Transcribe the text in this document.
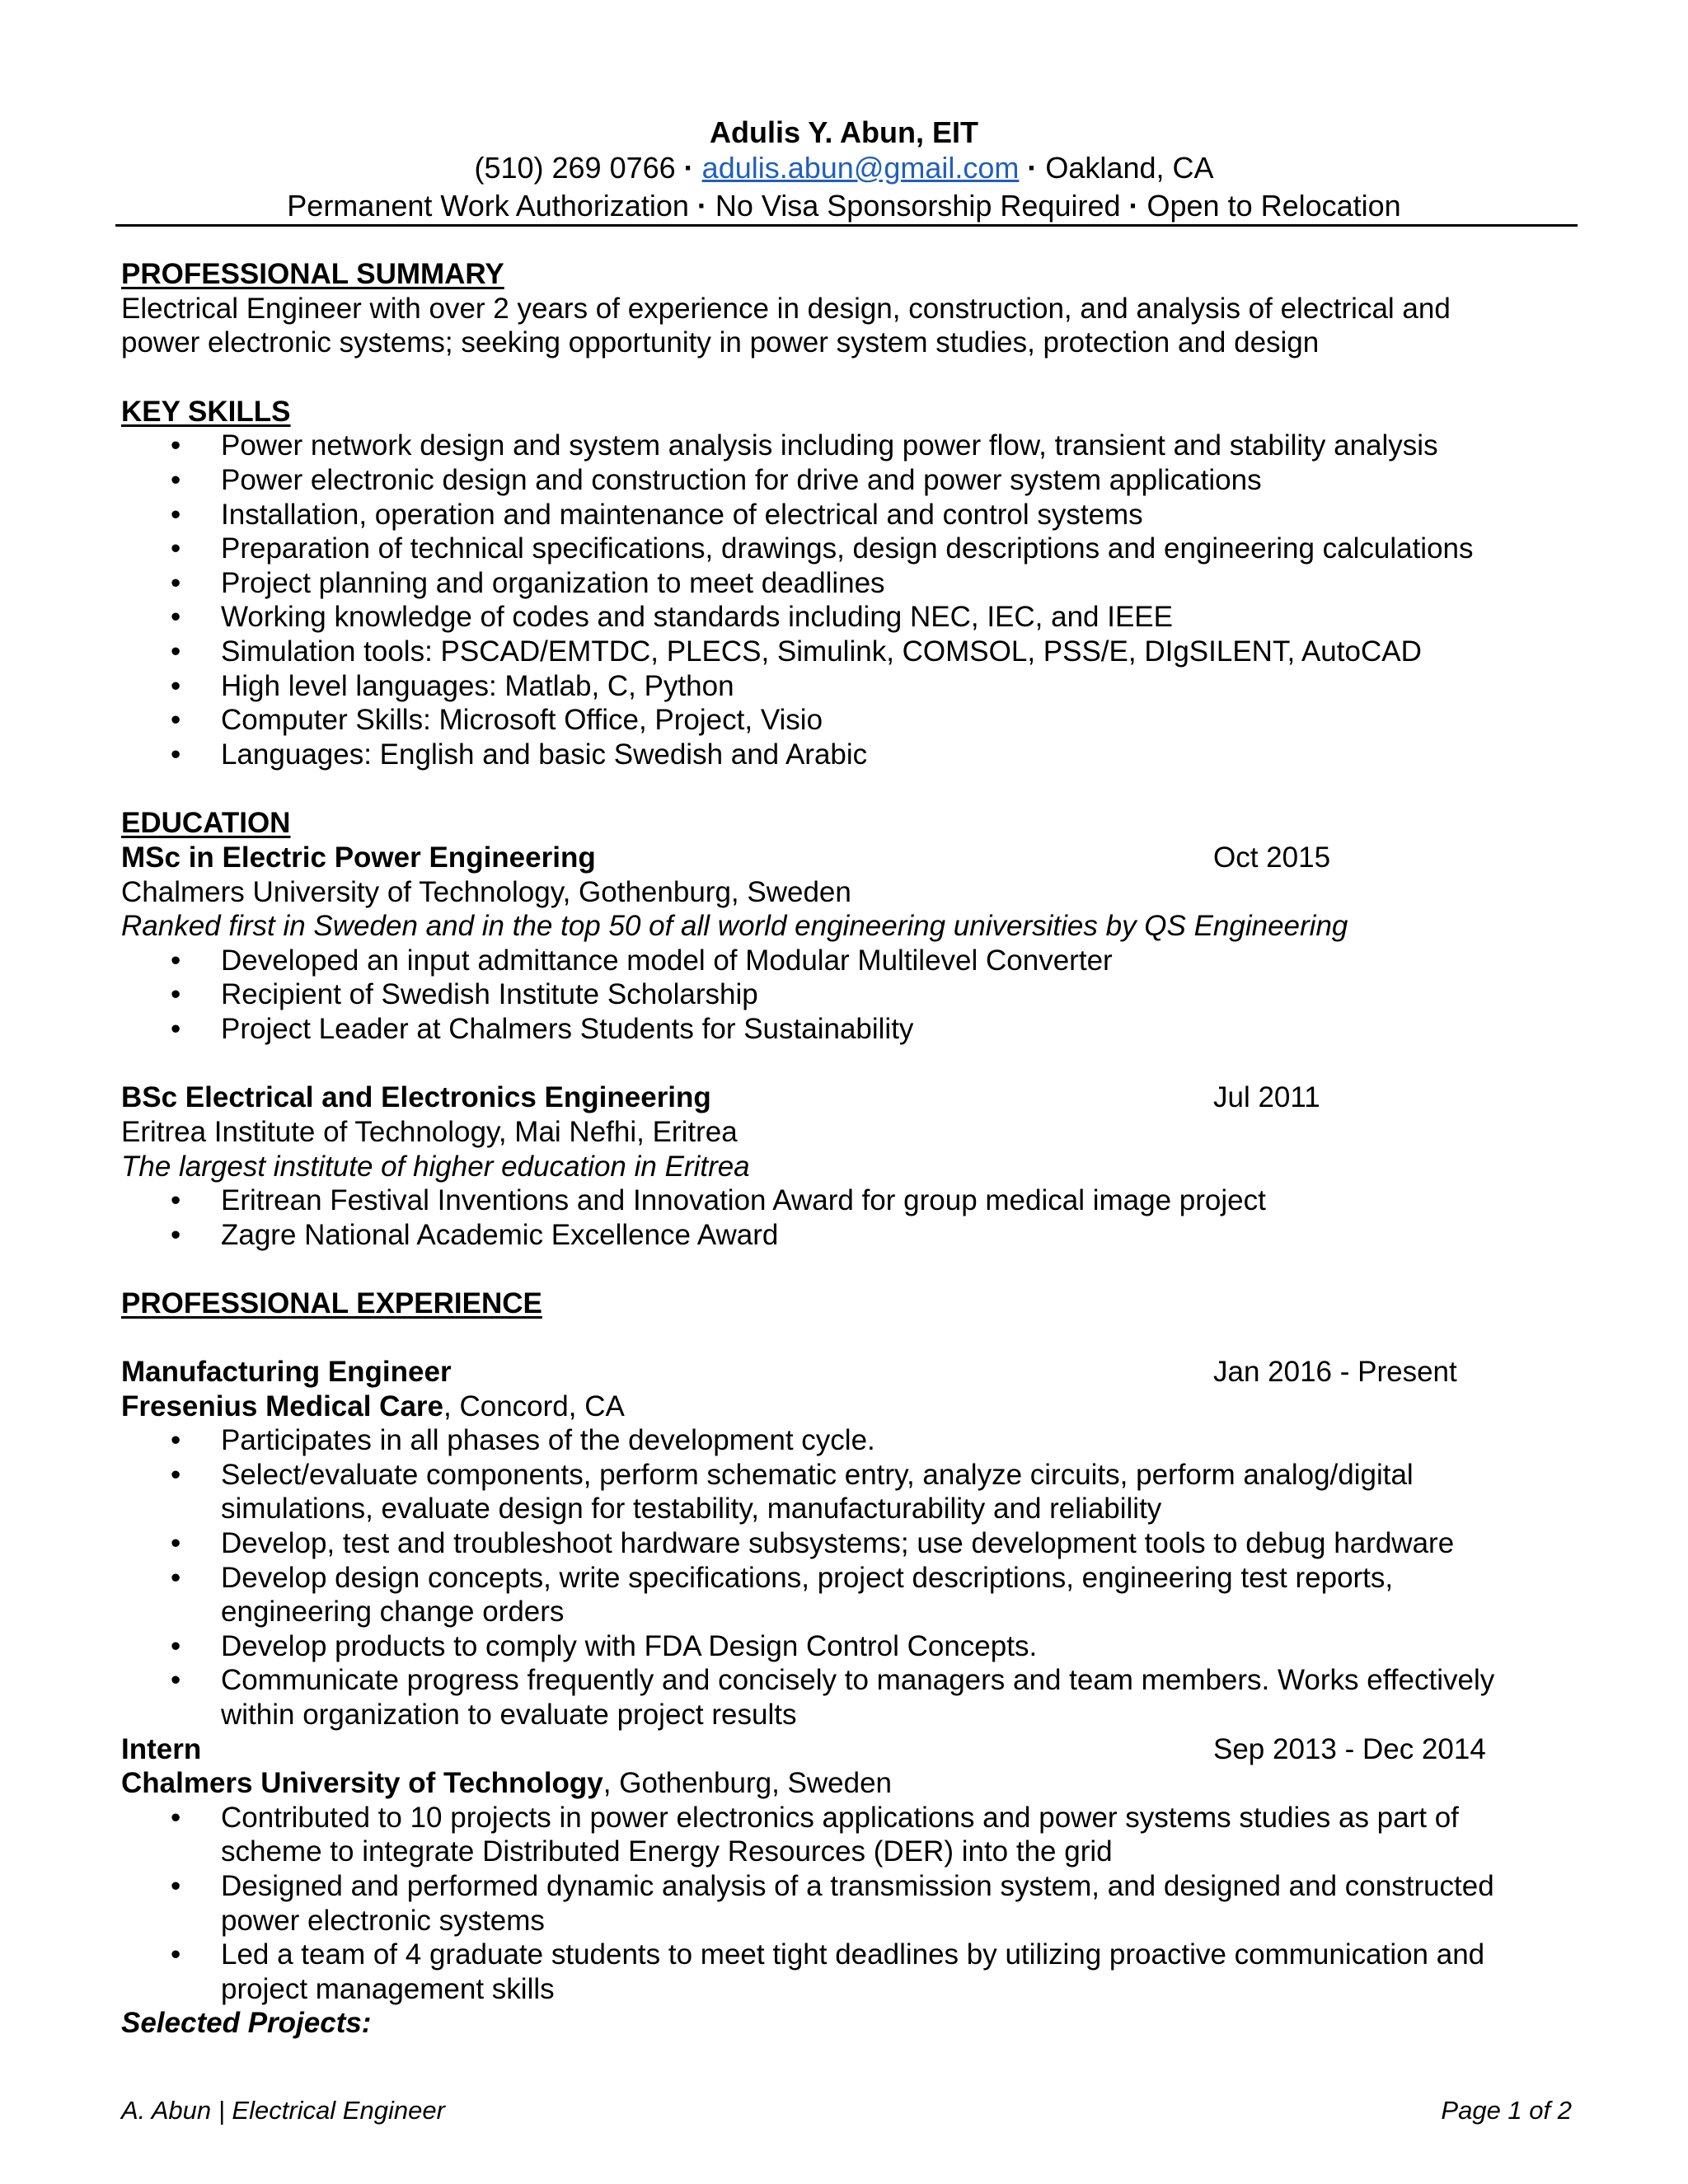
Adulis Y. Abun, EIT
(510) 269 0766 · adulis.abun@gmail.com · Oakland, CA
Permanent Work Authorization · No Visa Sponsorship Required · Open to Relocation
PROFESSIONAL SUMMARY
Electrical Engineer with over 2 years of experience in design, construction, and analysis of electrical and
power electronic systems; seeking opportunity in power system studies, protection and design
KEY SKILLS
• Power network design and system analysis including power flow, transient and stability analysis
• Power electronic design and construction for drive and power system applications
• Installation, operation and maintenance of electrical and control systems
• Preparation of technical specifications, drawings, design descriptions and engineering calculations
• Project planning and organization to meet deadlines
• Working knowledge of codes and standards including NEC, IEC, and IEEE
• Simulation tools: PSCAD/EMTDC, PLECS, Simulink, COMSOL, PSS/E, DIgSILENT, AutoCAD
• High level languages: Matlab, C, Python
• Computer Skills: Microsoft Office, Project, Visio
• Languages: English and basic Swedish and Arabic
EDUCATION
MSc in Electric Power Engineering	Oct 2015
Chalmers University of Technology, Gothenburg, Sweden
Ranked first in Sweden and in the top 50 of all world engineering universities by QS Engineering
• Developed an input admittance model of Modular Multilevel Converter
• Recipient of Swedish Institute Scholarship
• Project Leader at Chalmers Students for Sustainability
BSc Electrical and Electronics Engineering	Jul 2011
Eritrea Institute of Technology, Mai Nefhi, Eritrea
The largest institute of higher education in Eritrea
• Eritrean Festival Inventions and Innovation Award for group medical image project
• Zagre National Academic Excellence Award
PROFESSIONAL EXPERIENCE
Manufacturing Engineer	Jan 2016 - Present
Fresenius Medical Care, Concord, CA
• Participates in all phases of the development cycle.
• Select/evaluate components, perform schematic entry, analyze circuits, perform analog/digital
simulations, evaluate design for testability, manufacturability and reliability
• Develop, test and troubleshoot hardware subsystems; use development tools to debug hardware
• Develop design concepts, write specifications, project descriptions, engineering test reports,
engineering change orders
• Develop products to comply with FDA Design Control Concepts.
• Communicate progress frequently and concisely to managers and team members. Works effectively
within organization to evaluate project results
Intern	Sep 2013 - Dec 2014
Chalmers University of Technology, Gothenburg, Sweden
• Contributed to 10 projects in power electronics applications and power systems studies as part of
scheme to integrate Distributed Energy Resources (DER) into the grid
• Designed and performed dynamic analysis of a transmission system, and designed and constructed
power electronic systems
• Led a team of 4 graduate students to meet tight deadlines by utilizing proactive communication and
project management skills
Selected Projects:
A. Abun | Electrical Engineer	Page 1 of 2
